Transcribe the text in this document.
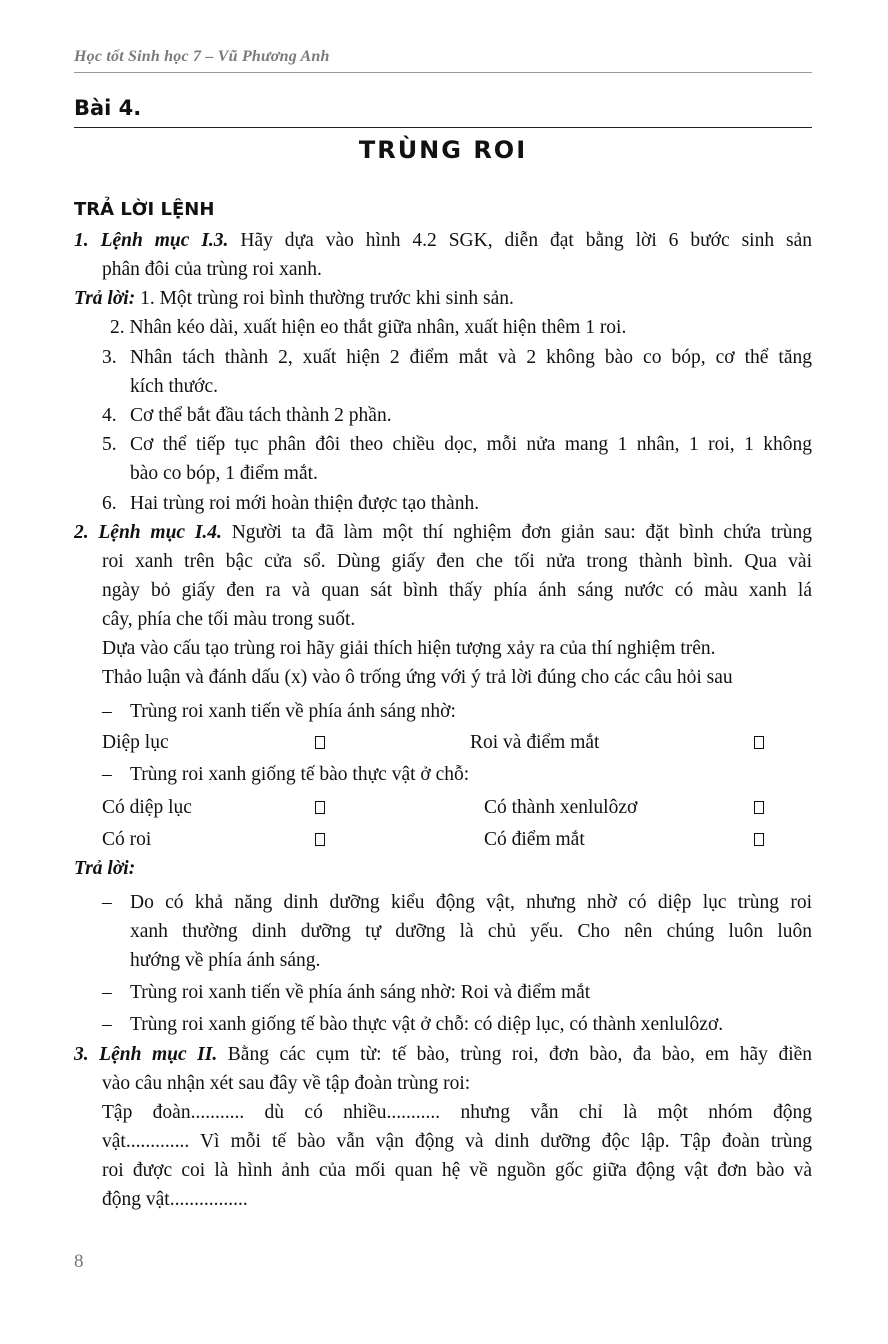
Học tốt Sinh học 7 – Vũ Phương Anh
Bài 4.
TRÙNG ROI
TRẢ LỜI LỆNH
1. Lệnh mục I.3. Hãy dựa vào hình 4.2 SGK, diễn đạt bằng lời 6 bước sinh sản
phân đôi của trùng roi xanh.
Trả lời: 1. Một trùng roi bình thường trước khi sinh sản.
2. Nhân kéo dài, xuất hiện eo thắt giữa nhân, xuất hiện thêm 1 roi.
3. Nhân tách thành 2, xuất hiện 2 điểm mắt và 2 không bào co bóp, cơ thể tăng
kích thước.
4. Cơ thể bắt đầu tách thành 2 phần.
5. Cơ thể tiếp tục phân đôi theo chiều dọc, mỗi nửa mang 1 nhân, 1 roi, 1 không
bào co bóp, 1 điểm mắt.
6. Hai trùng roi mới hoàn thiện được tạo thành.
2. Lệnh mục I.4. Người ta đã làm một thí nghiệm đơn giản sau: đặt bình chứa trùng
roi xanh trên bậc cửa sổ. Dùng giấy đen che tối nửa trong thành bình. Qua vài
ngày bỏ giấy đen ra và quan sát bình thấy phía ánh sáng nước có màu xanh lá
cây, phía che tối màu trong suốt.
Dựa vào cấu tạo trùng roi hãy giải thích hiện tượng xảy ra của thí nghiệm trên.
Thảo luận và đánh dấu (x) vào ô trống ứng với ý trả lời đúng cho các câu hỏi sau
– Trùng roi xanh tiến về phía ánh sáng nhờ:
Diệp lục	Roi và điểm mắt
– Trùng roi xanh giống tế bào thực vật ở chỗ:
Có diệp lục	Có thành xenlulôzơ
Có roi	Có điểm mắt
Trả lời:
– Do có khả năng dinh dưỡng kiểu động vật, nhưng nhờ có diệp lục trùng roi
xanh thường dinh dưỡng tự dưỡng là chủ yếu. Cho nên chúng luôn luôn
hướng về phía ánh sáng.
– Trùng roi xanh tiến về phía ánh sáng nhờ: Roi và điểm mắt
– Trùng roi xanh giống tế bào thực vật ở chỗ: có diệp lục, có thành xenlulôzơ.
3. Lệnh mục II. Bằng các cụm từ: tế bào, trùng roi, đơn bào, đa bào, em hãy điền
vào câu nhận xét sau đây về tập đoàn trùng roi:
Tập đoàn........... dù có nhiều........... nhưng vẫn chỉ là một nhóm động
vật............. Vì mỗi tế bào vẫn vận động và dinh dưỡng độc lập. Tập đoàn trùng
roi được coi là hình ảnh của mối quan hệ về nguồn gốc giữa động vật đơn bào và
động vật................
8
